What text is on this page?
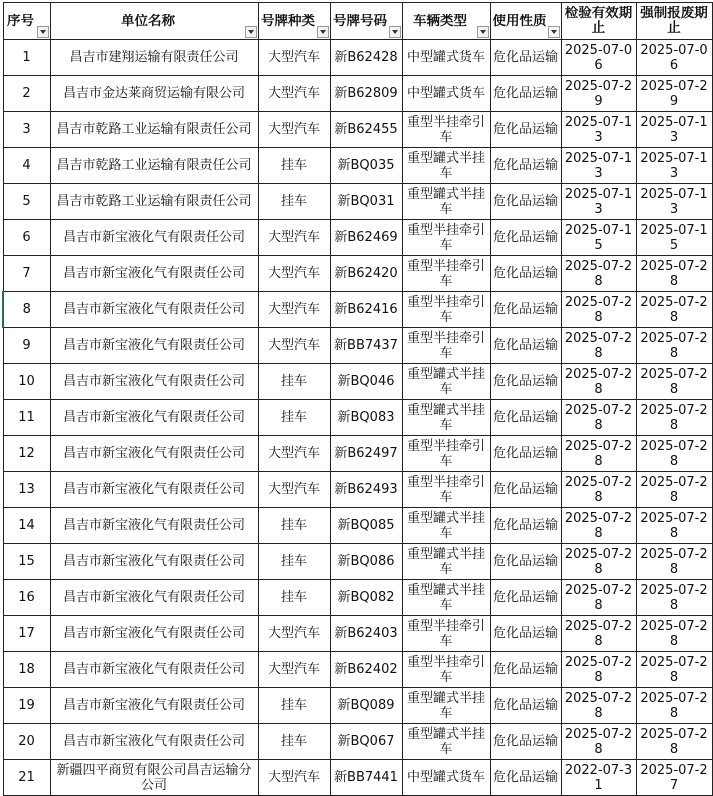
序号	单位名称	号牌种类	号牌号码	车辆类型	使用性质	检验有效期止	强制报废期止

1	昌吉市建翔运输有限责任公司	大型汽车	新B62428	中型罐式货车	危化品运输	2025-07-06	2025-07-06
2	昌吉市金达莱商贸运输有限公司	大型汽车	新B62809	中型罐式货车	危化品运输	2025-07-29	2025-07-29
3	昌吉市乾路工业运输有限责任公司	大型汽车	新B62455	重型半挂牵引车	危化品运输	2025-07-13	2025-07-13
4	昌吉市乾路工业运输有限责任公司	挂车	新BQ035	重型罐式半挂车	危化品运输	2025-07-13	2025-07-13
5	昌吉市乾路工业运输有限责任公司	挂车	新BQ031	重型罐式半挂车	危化品运输	2025-07-13	2025-07-13
6	昌吉市新宝液化气有限责任公司	大型汽车	新B62469	重型半挂牵引车	危化品运输	2025-07-15	2025-07-15
7	昌吉市新宝液化气有限责任公司	大型汽车	新B62420	重型半挂牵引车	危化品运输	2025-07-28	2025-07-28
8	昌吉市新宝液化气有限责任公司	大型汽车	新B62416	重型半挂牵引车	危化品运输	2025-07-28	2025-07-28
9	昌吉市新宝液化气有限责任公司	大型汽车	新BB7437	重型半挂牵引车	危化品运输	2025-07-28	2025-07-28
10	昌吉市新宝液化气有限责任公司	挂车	新BQ046	重型罐式半挂车	危化品运输	2025-07-28	2025-07-28
11	昌吉市新宝液化气有限责任公司	挂车	新BQ083	重型罐式半挂车	危化品运输	2025-07-28	2025-07-28
12	昌吉市新宝液化气有限责任公司	大型汽车	新B62497	重型半挂牵引车	危化品运输	2025-07-28	2025-07-28
13	昌吉市新宝液化气有限责任公司	大型汽车	新B62493	重型半挂牵引车	危化品运输	2025-07-28	2025-07-28
14	昌吉市新宝液化气有限责任公司	挂车	新BQ085	重型罐式半挂车	危化品运输	2025-07-28	2025-07-28
15	昌吉市新宝液化气有限责任公司	挂车	新BQ086	重型罐式半挂车	危化品运输	2025-07-28	2025-07-28
16	昌吉市新宝液化气有限责任公司	挂车	新BQ082	重型罐式半挂车	危化品运输	2025-07-28	2025-07-28
17	昌吉市新宝液化气有限责任公司	大型汽车	新B62403	重型半挂牵引车	危化品运输	2025-07-28	2025-07-28
18	昌吉市新宝液化气有限责任公司	大型汽车	新B62402	重型半挂牵引车	危化品运输	2025-07-28	2025-07-28
19	昌吉市新宝液化气有限责任公司	挂车	新BQ089	重型罐式半挂车	危化品运输	2025-07-28	2025-07-28
20	昌吉市新宝液化气有限责任公司	挂车	新BQ067	重型罐式半挂车	危化品运输	2025-07-28	2025-07-28
21	新疆四平商贸有限公司昌吉运输分公司	大型汽车	新BB7441	中型罐式货车	危化品运输	2022-07-31	2025-07-27
